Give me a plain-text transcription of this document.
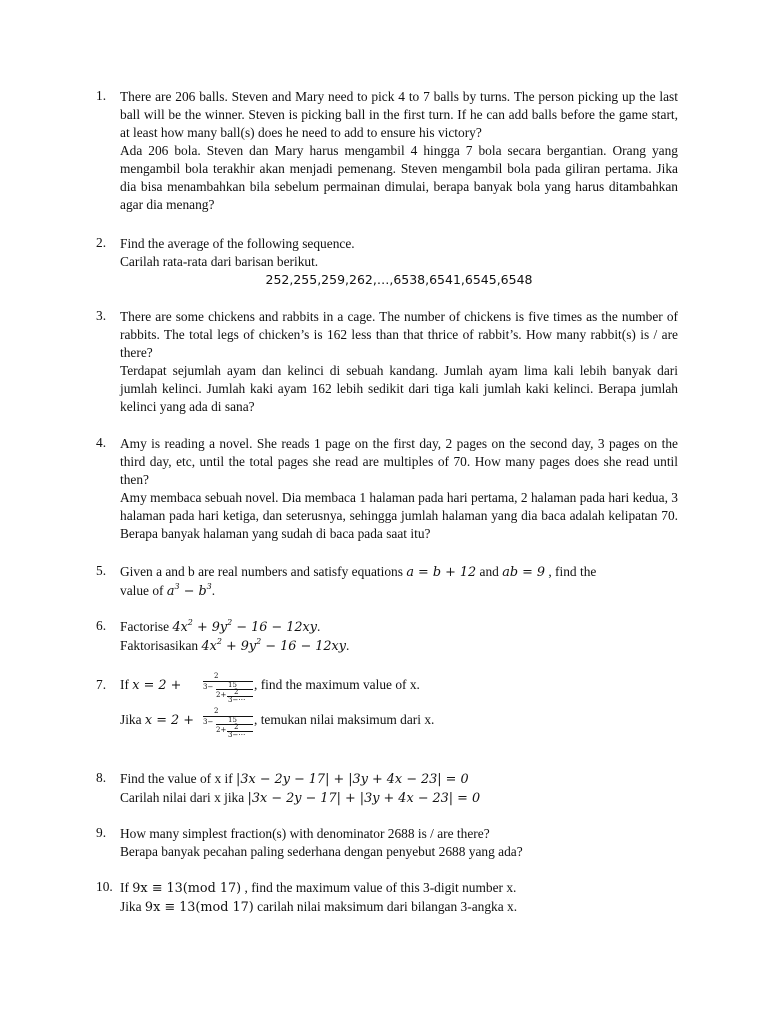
1.	There are 206 balls. Steven and Mary need to pick 4 to 7 balls by turns. The person picking up the last ball will be the winner. Steven is picking ball in the first turn. If he can add balls before the game start, at least how many ball(s) does he need to add to ensure his victory?

Ada 206 bola. Steven dan Mary harus mengambil 4 hingga 7 bola secara bergantian. Orang yang mengambil bola terakhir akan menjadi pemenang. Steven mengambil bola pada giliran pertama. Jika dia bisa menambahkan bila sebelum permainan dimulai, berapa banyak bola yang harus ditambahkan agar dia menang?

2.	Find the average of the following sequence.
Carilah rata-rata dari barisan berikut.
252,255,259,262,…,6538,6541,6545,6548
3.	There are some chickens and rabbits in a cage. The number of chickens is five times as the number of rabbits. The total legs of chicken’s is 162 less than that thrice of rabbit’s. How many rabbit(s) is / are there?

Terdapat sejumlah ayam dan kelinci di sebuah kandang. Jumlah ayam lima kali lebih banyak dari jumlah kelinci. Jumlah kaki ayam 162 lebih sedikit dari tiga kali jumlah kaki kelinci. Berapa jumlah kelinci yang ada di sana?

4.	Amy is reading a novel. She reads 1 page on the first day, 2 pages on the second day, 3 pages on the third day, etc, until the total pages she read are multiples of 70. How many pages does she read until then?

Amy membaca sebuah novel. Dia membaca 1 halaman pada hari pertama, 2 halaman pada hari kedua, 3 halaman pada hari ketiga, dan seterusnya, sehingga jumlah halaman yang dia baca adalah kelipatan 70. Berapa banyak halaman yang sudah di baca pada saat itu?

5.	Given a and b are real numbers and satisfy equations a = b + 12 and ab = 9 , find the
value of $a^3 - b^3$.
6.	Factorise $4x^2 + 9y^2 - 16 - 12xy$.
Faktorisasikan $4x^2 + 9y^2 - 16 - 12xy$.
7.	If x = 2 +
2
3− 15
2+ 2
3−⋯
, find the maximum value of x.
Jika x = 2 +
2
3− 15
2+ 2
3−⋯
, temukan nilai maksimum dari x.
8.	Find the value of x if |3x − 2y − 17| + |3y + 4x − 23| = 0
Carilah nilai dari x jika |3x − 2y − 17| + |3y + 4x − 23| = 0
9.	How many simplest fraction(s) with denominator 2688 is / are there?
Berapa banyak pecahan paling sederhana dengan penyebut 2688 yang ada?
10. If 9x ≡ 13(mod 17) , find the maximum value of this 3-digit number x.
Jika 9x ≡ 13(mod 17) carilah nilai maksimum dari bilangan 3-angka x.
